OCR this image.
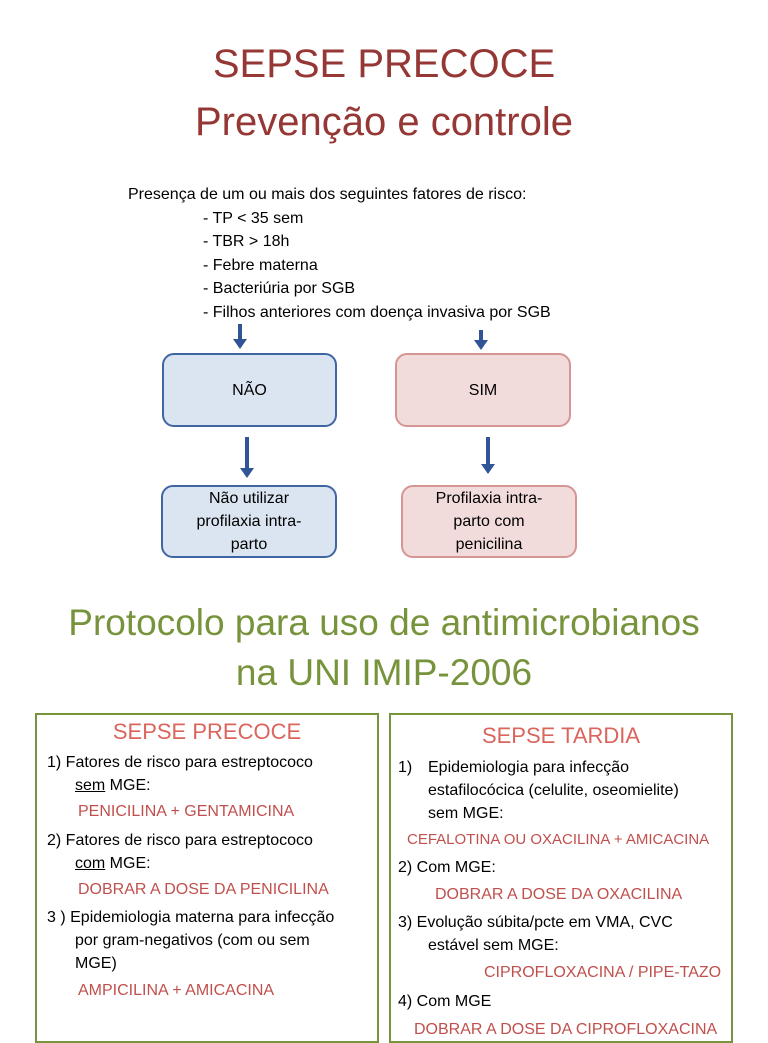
SEPSE PRECOCE
Prevenção e controle
Presença de um ou mais dos seguintes fatores de risco:
- TP < 35 sem
- TBR > 18h
- Febre materna
- Bacteriúria por SGB
- Filhos anteriores com doença invasiva por SGB
NÃO	SIM
Não utilizar profilaxia intra-parto
Profilaxia intra-parto com penicilina
Protocolo para uso de antimicrobianos
na UNI IMIP-2006
SEPSE PRECOCE
1) Fatores de risco para estreptococo
sem MGE:
PENICILINA + GENTAMICINA
2) Fatores de risco para estreptococo
com MGE:
DOBRAR A DOSE DA PENICILINA
3 ) Epidemiologia materna para infecção
por gram-negativos (com ou sem
MGE)
AMPICILINA + AMICACINA
SEPSE TARDIA
1) Epidemiologia para infecção
estafilocócica (celulite, oseomielite)
sem MGE:
CEFALOTINA OU OXACILINA + AMICACINA
2) Com MGE:
DOBRAR A DOSE DA OXACILINA
3) Evolução súbita/pcte em VMA, CVC
estável sem MGE:
CIPROFLOXACINA / PIPE-TAZO
4) Com MGE
DOBRAR A DOSE DA CIPROFLOXACINA
